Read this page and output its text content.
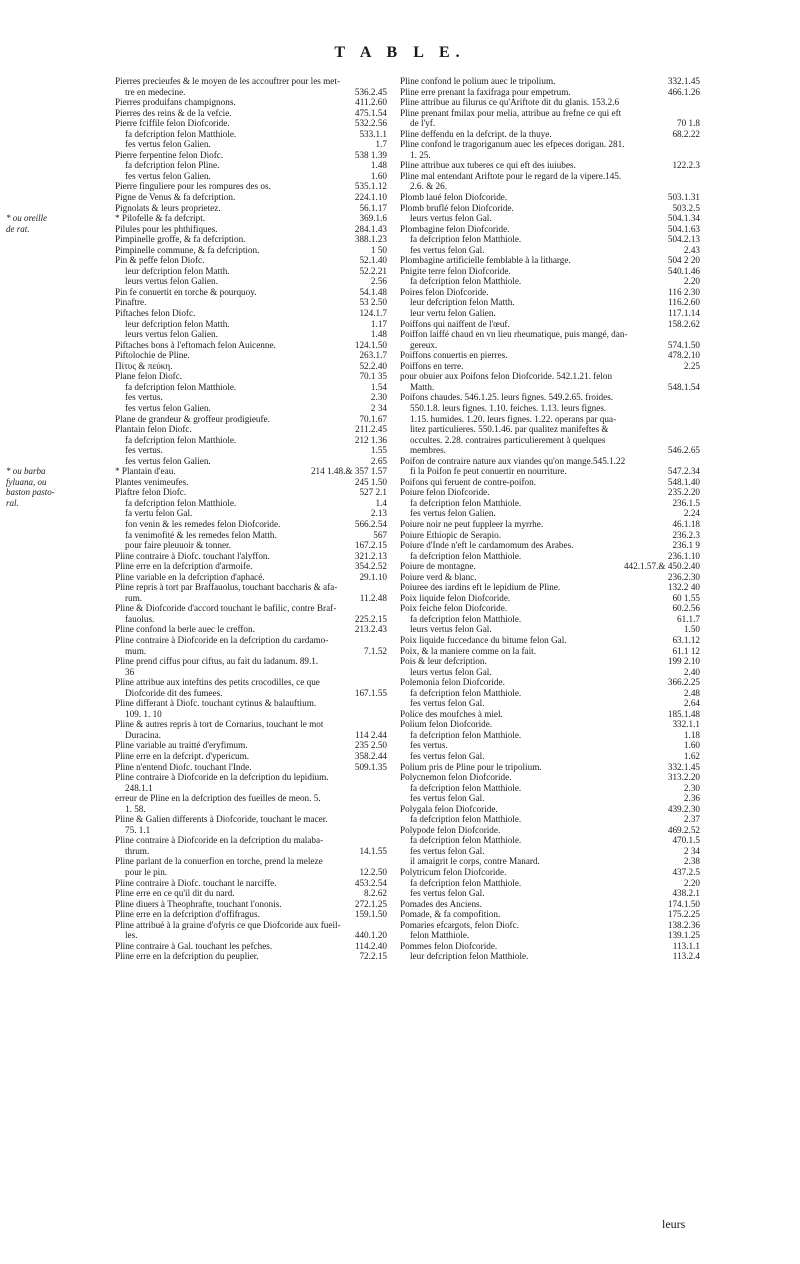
T A B L E.
Pierres precieufes & le moyen de les accouftrer pour les met-
tre en medecine.	536.2.45
Pierres produifans champignons.	411.2.60
Pierres des reins & de la vefcie.	475.1.54
Pierre fciffile felon Diofcoride.	532.2.56
fa defcription felon Matthiole.	533.1.1
fes vertus felon Galien.	1.7
Pierre ferpentine felon Diofc.	538 1.39
fa defcription felon Pline.	1.48
fes vertus felon Galien.	1.60
Pierre finguliere pour les rompures des os.	535.1.12
Pigne de Venus & fa defcription.	224.1.10
Pignolats & leurs proprietez.	56.1.17
* Pilofelle & fa defcript.	369.1.6
Pilules pour les phthifiques.	284.1.43
Pimpinelle groffe, & fa defcription.	388.1.23
Pimpinelle commune, & fa defcription.	1 50
Pin & peffe felon Diofc.	52.1.40
leur defcription felon Matth.	52.2.21
leurs vertus felon Galien.	2.56
Pin fe conuertit en torche & pourquoy.	54.1.48
Pinaftre.	53 2.50
Piftaches felon Diofc.	124.1.7
leur defcription felon Matth.	1.17
leurs vertus felon Galien.	1.48
Piftaches bons à l'eftomach felon Auicenne.	124.1.50
Piftolochie de Pline.	263.1.7
Πίτυς & πεύκη.	52.2.40
Plane felon Diofc.	70.1 35
fa defcription felon Matthiole.	1.54
fes vertus.	2.30
fes vertus felon Galien.	2 34
Plane de grandeur & groffeur prodigieufe.	70.1.67
Plantain felon Diofc.	211.2.45
fa defcription felon Matthiole.	212 1.36
fes vertus.	1.55
fes vertus felon Galien.	2.65
* Plantain d'eau.	214 1.48.& 357 1.57
Plantes venimeufes.	245 1.50
Plaftre felon Diofc.	527 2.1
fa defcription felon Matthiole.	1.4
fa vertu felon Gal.	2.13
fon venin & les remedes felon Diofcoride.	566.2.54
fa venimofité & les remedes felon Matth.	567
pour faire pleuuoir & tonner.	167.2.15
Pline contraire à Diofc. touchant l'alyffon.	321.2.13
Pline erre en la defcription d'armoife.	354.2.52
Pline variable en la defcription d'aphacé.	29.1.10
Pline repris à tort par Braffauolus, touchant baccharis & afa-
rum.	11.2.48
Pline & Diofcoride d'accord touchant le bafilic, contre Braf-
fauolus.	225.2.15
Pline confond la berle auec le creffon.	213.2.43
Pline contraire à Diofcoride en la defcription du cardamo-
mum.	7.1.52
Pline prend ciffus pour ciftus, au fait du ladanum. 89.1.
36
Pline attribue aux inteftins des petits crocodilles, ce que
Diofcoride dit des fumees.	167.1.55
Pline differant à Diofc. touchant cytinus & balauftium.
109. 1. 10
Pline & autres repris à tort de Cornarius, touchant le mot
Duracina.	114 2.44
Pline variable au traitté d'eryfimum.	235 2.50
Pline erre en la defcript. d'ypericum.	358.2.44
Pline n'entend Diofc. touchant l'Inde.	509.1.35
Pline contraire à Diofcoride en la defcription du lepidium.
248.1.1
erreur de Pline en la defcription des fueilles de meon. 5.
1. 58.
Pline & Galien differents à Diofcoride, touchant le macer.
75. 1.1
Pline contraire à Diofcoride en la defcription du malaba-
thrum.	14.1.55
Pline parlant de la conuerfion en torche, prend la meleze
pour le pin.	12.2.50
Pline contraire à Diofc. touchant le narciffe.	453.2.54
Pline erre en ce qu'il dit du nard.	8.2.62
Pline diuers à Theophrafte, touchant l'ononis.	272.1.25
Pline erre en la defcription d'offifragus.	159.1.50
Pline attribué à la graine d'ofyris ce que Diofcoride aux fueil-
les.	440.1.20
Pline contraire à Gal. touchant les pefches.	114.2.40
Pline erre en la defcription du peuplier.	72.2.15
* ou oreille
de rat.
* ou barba
fyluana, ou
baston pasto-
ral.
Pline confond le polium auec le tripolium.	332.1.45
Pline erre prenant la faxifraga pour empetrum.	466.1.26
Pline attribue au filurus ce qu'Ariftote dit du glanis. 153.2.6
Pline prenant fmilax pour melia, attribue au frefne ce qui eft
de l'yf.	70 1.8
Pline deffendu en la defcript. de la thuye.	68.2.22
Pline confond le tragoriganum auec les efpeces dorigan. 281.
1. 25.
Pline attribue aux tuberes ce qui eft des iuiubes.	122.2.3
Pline mal entendant Ariftote pour le regard de la vipere.145.
2.6. & 26.
Plomb laué felon Diofcoride.	503.1.31
Plomb bruflé felon Diofcoride.	503.2.5
leurs vertus felon Gal.	504.1.34
Plombagine felon Diofcoride.	504.1.63
fa defcription felon Matthiole.	504.2.13
fes vertus felon Gal.	2.43
Plombagine artificielle femblable à la litharge.	504 2 20
Pnigite terre felon Diofcoride.	540.1.46
fa defcription felon Matthiole.	2.20
Poires felon Diofcoride.	116 2.30
leur defcription felon Matth.	116.2.60
leur vertu felon Galien.	117.1.14
Poiffons qui naiffent de l'œuf.	158.2.62
Poiffon laiffé chaud en vn lieu rheumatique, puis mangé, dan-
gereux.	574.1.50
Poiffons conuertis en pierres.	478.2.10
Poiffons en terre.	2.25
pour obuier aux Poifons felon Diofcoride. 542.1.21. felon
Matth.	548.1.54
Poifons chaudes. 546.1.25. leurs fignes. 549.2.65. froides.
550.1.8. leurs fignes. 1.10. feiches. 1.13. leurs fignes.
1.15. humides. 1.20. leurs fignes. 1.22. operans par qua-
litez particulieres. 550.1.46. par qualitez manifeftes &
occultes. 2.28. contraires particulierement à quelques
membres.	546.2.65
Poifon de contraire nature aux viandes qu'on mange.545.1.22
fi la Poifon fe peut conuertir en nourriture.	547.2.34
Poifons qui feruent de contre-poifon.	548.1.40
Poiure felon Diofcoride.	235.2.20
fa defcription felon Matthiole.	236.1.5
fes vertus felon Galien.	2.24
Poiure noir ne peut fuppleer la myrrhe.	46.1.18
Poiure Ethiopic de Serapio.	236.2.3
Poiure d'Inde n'eft le cardamomum des Arabes.	236.1 9
fa defcription felon Matthiole.	236.1.10
Poiure de montagne.	442.1.57.& 450.2.40
Poiure verd & blanc.	236.2.30
Poiuree des iardins eft le lepidium de Pline.	132.2 40
Poix liquide felon Diofcoride.	60 1.55
Poix feiche felon Diofcoride.	60.2.56
fa defcription felon Matthiole.	61.1.7
leurs vertus felon Gal.	1.50
Poix liquide fuccedance du bitume felon Gal.	63.1.12
Poix, & la maniere comme on la fait.	61.1 12
Pois & leur defcription.	199 2.10
leurs vertus felon Gal.	2.40
Polemonia felon Diofcoride.	366.2.25
fa defcription felon Matthiole.	2.48
fes vertus felon Gal.	2.64
Police des moufches à miel.	185.1.48
Polium felon Diofcoride.	332.1.1
fa defcription felon Matthiole.	1.18
fes vertus.	1.60
fes vertus felon Gal.	1.62
Polium pris de Pline pour le tripolium.	332.1.45
Polycnemon felon Diofcoride.	313.2.20
fa defcription felon Matthiole.	2.30
fes vertus felon Gal.	2.36
Polygala felon Diofcoride.	439.2.30
fa defcription felon Matthiole.	2.37
Polypode felon Diofcoride.	469.2.52
fa defcription felon Matthiole.	470.1.5
fes vertus felon Gal.	2 34
il amaigrit le corps, contre Manard.	2.38
Polytricum felon Diofcoride.	437.2.5
fa defcription felon Matthiole.	2.20
fes vertus felon Gal.	438.2.1
Pomades des Anciens.	174.1.50
Pomade, & fa compofition.	175.2.25
Pomaries efcargots, felon Diofc.	138.2.36
felon Matthiole.	139.1.25
Pommes felon Diofcoride.	113.1.1
leur defcription felon Matthiole.	113.2.4
leurs
